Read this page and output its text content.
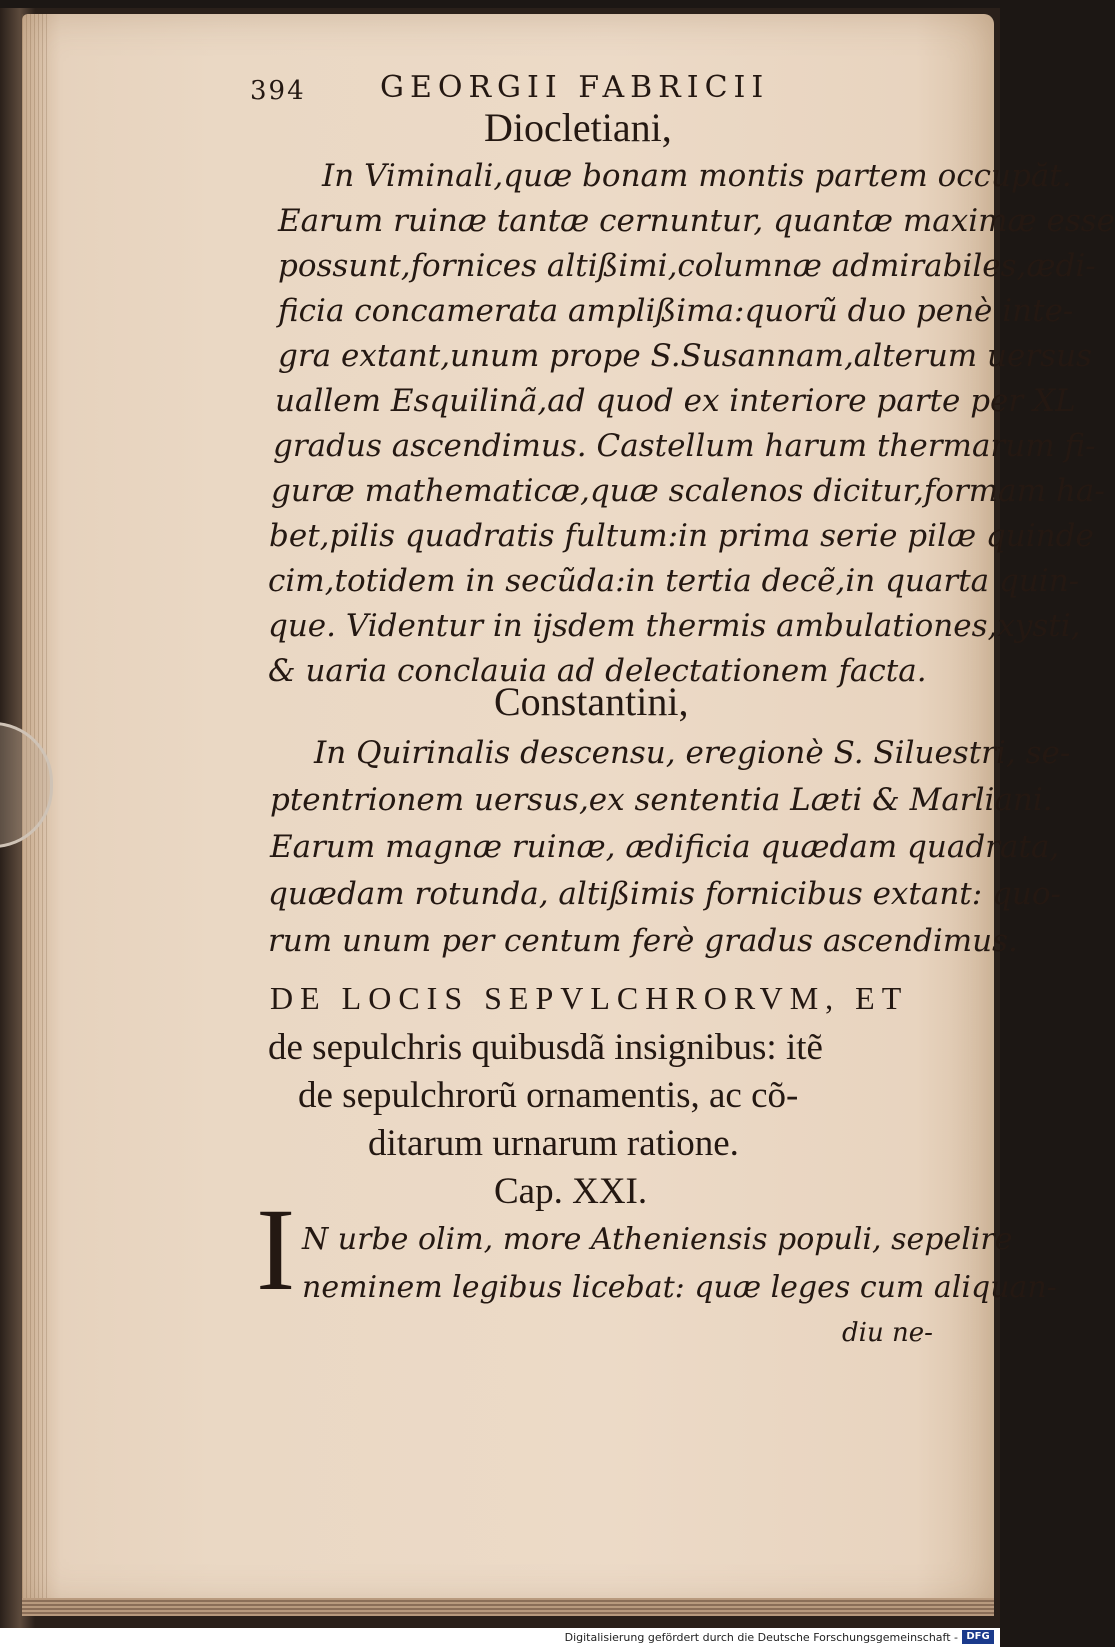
394 GEORGII FABRICII
Diocletiani,
In Viminali,quæ bonam montis partem occupăt.
Earum ruinæ tantæ cernuntur, quantæ maximæ esse
possunt,fornices altißimi,columnæ admirabiles,ædi-
ficia concamerata amplißima:quorũ duo penè inte-
gra extant,unum prope S.Susannam,alterum uersus
uallem Esquilinã,ad quod ex interiore parte per XL
gradus ascendimus. Castellum harum thermarum fi-
guræ mathematicæ,quæ scalenos dicitur,formam ha-
bet,pilis quadratis fultum:in prima serie pilæ quinde
cim,totidem in secũda:in tertia decẽ,in quarta quin-
que. Videntur in ijsdem thermis ambulationes,xysti,
& uaria conclauia ad delectationem facta.
Constantini,
In Quirinalis descensu, eregionè S. Siluestri, se-
ptentrionem uersus,ex sententia Læti & Marliani.
Earum magnæ ruinæ, ædificia quædam quadrata,
quædam rotunda, altißimis fornicibus extant: quo-
rum unum per centum ferè gradus ascendimus.
DE LOCIS SEPVLCHRORVM, ET
de sepulchris quibusdã insignibus: itẽ
de sepulchrorũ ornamentis, ac cõ-
ditarum urnarum ratione.
Cap. XXI.
I N urbe olim, more Atheniensis populi, sepelire
neminem legibus licebat: quæ leges cum aliquan-
diu ne-
Digitalisierung gefördert durch die Deutsche Forschungsgemeinschaft - DFG
